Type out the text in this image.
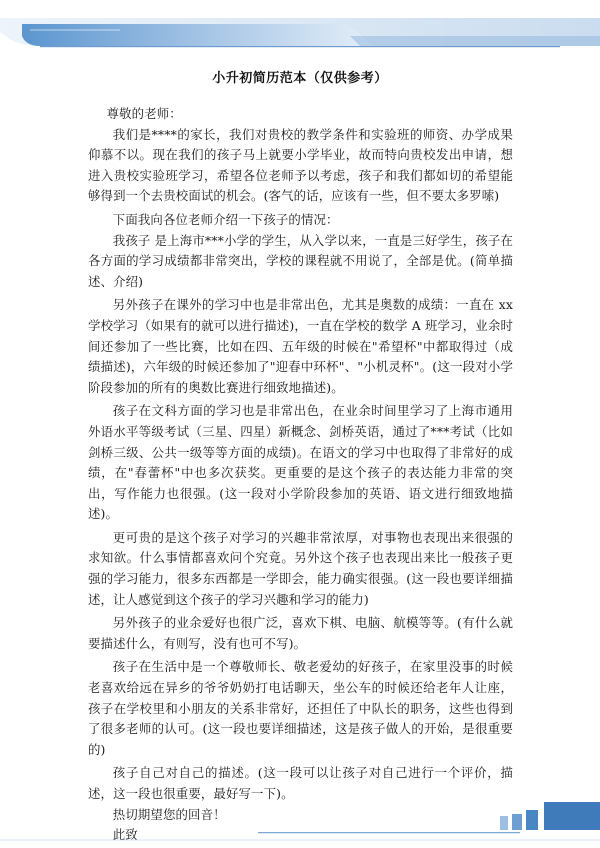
小升初简历范本（仅供参考）

尊敬的老师：

我们是****的家长，我们对贵校的教学条件和实验班的师资、办学成果仰慕不以。现在我们的孩子马上就要小学毕业，故而特向贵校发出申请，想进入贵校实验班学习，希望各位老师予以考虑，孩子和我们都如切的希望能够得到一个去贵校面试的机会。(客气的话，应该有一些，但不要太多罗嗦)

下面我向各位老师介绍一下孩子的情况：

我孩子 是上海市***小学的学生，从入学以来，一直是三好学生，孩子在各方面的学习成绩都非常突出，学校的课程就不用说了，全部是优。(简单描述、介绍)

另外孩子在课外的学习中也是非常出色，尤其是奥数的成绩：一直在 xx 学校学习（如果有的就可以进行描述)，一直在学校的数学 A 班学习，业余时间还参加了一些比赛，比如在四、五年级的时候在"希望杯"中都取得过（成绩描述)，六年级的时候还参加了"迎春中环杯"、"小机灵杯"。(这一段对小学阶段参加的所有的奥数比赛进行细致地描述)。

孩子在文科方面的学习也是非常出色，在业余时间里学习了上海市通用外语水平等级考试（三星、四星）新概念、剑桥英语，通过了***考试（比如剑桥三级、公共一级等等方面的成绩)。在语文的学习中也取得了非常好的成绩，在"春蕾杯"中也多次获奖。更重要的是这个孩子的表达能力非常的突出，写作能力也很强。(这一段对小学阶段参加的英语、语文进行细致地描述)。

更可贵的是这个孩子对学习的兴趣非常浓厚，对事物也表现出来很强的求知欲。什么事情都喜欢问个究竟。另外这个孩子也表现出来比一般孩子更强的学习能力，很多东西都是一学即会，能力确实很强。(这一段也要详细描述，让人感觉到这个孩子的学习兴趣和学习的能力)

另外孩子的业余爱好也很广泛，喜欢下棋、电脑、航模等等。(有什么就要描述什么，有则写，没有也可不写)。

孩子在生活中是一个尊敬师长、敬老爱幼的好孩子，在家里没事的时候老喜欢给远在异乡的爷爷奶奶打电话聊天，坐公车的时候还给老年人让座，孩子在学校里和小朋友的关系非常好，还担任了中队长的职务，这些也得到了很多老师的认可。(这一段也要详细描述，这是孩子做人的开始，是很重要的)

孩子自己对自己的描述。(这一段可以让孩子对自己进行一个评价，描述，这一段也很重要，最好写一下)。

热切期望您的回音！

此致
